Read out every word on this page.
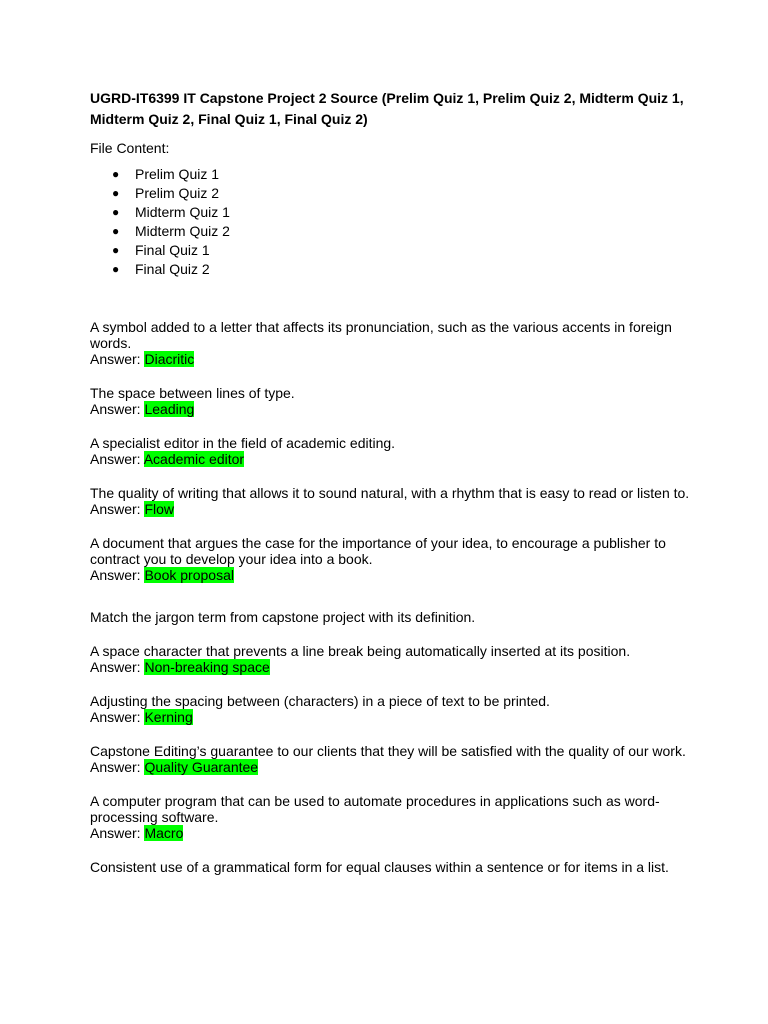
UGRD-IT6399 IT Capstone Project 2 Source (Prelim Quiz 1, Prelim Quiz 2, Midterm Quiz 1, Midterm Quiz 2, Final Quiz 1, Final Quiz 2)

File Content:
● Prelim Quiz 1
● Prelim Quiz 2
● Midterm Quiz 1
● Midterm Quiz 2
● Final Quiz 1
● Final Quiz 2
A symbol added to a letter that affects its pronunciation, such as the various accents in foreign words.
Answer: Diacritic
The space between lines of type.
Answer: Leading
A specialist editor in the field of academic editing.
Answer: Academic editor
The quality of writing that allows it to sound natural, with a rhythm that is easy to read or listen to.
Answer: Flow
A document that argues the case for the importance of your idea, to encourage a publisher to contract you to develop your idea into a book.
Answer: Book proposal
Match the jargon term from capstone project with its definition.
A space character that prevents a line break being automatically inserted at its position.
Answer: Non-breaking space
Adjusting the spacing between (characters) in a piece of text to be printed.
Answer: Kerning
Capstone Editing’s guarantee to our clients that they will be satisfied with the quality of our work.
Answer: Quality Guarantee
A computer program that can be used to automate procedures in applications such as word-processing software.
Answer: Macro
Consistent use of a grammatical form for equal clauses within a sentence or for items in a list.
